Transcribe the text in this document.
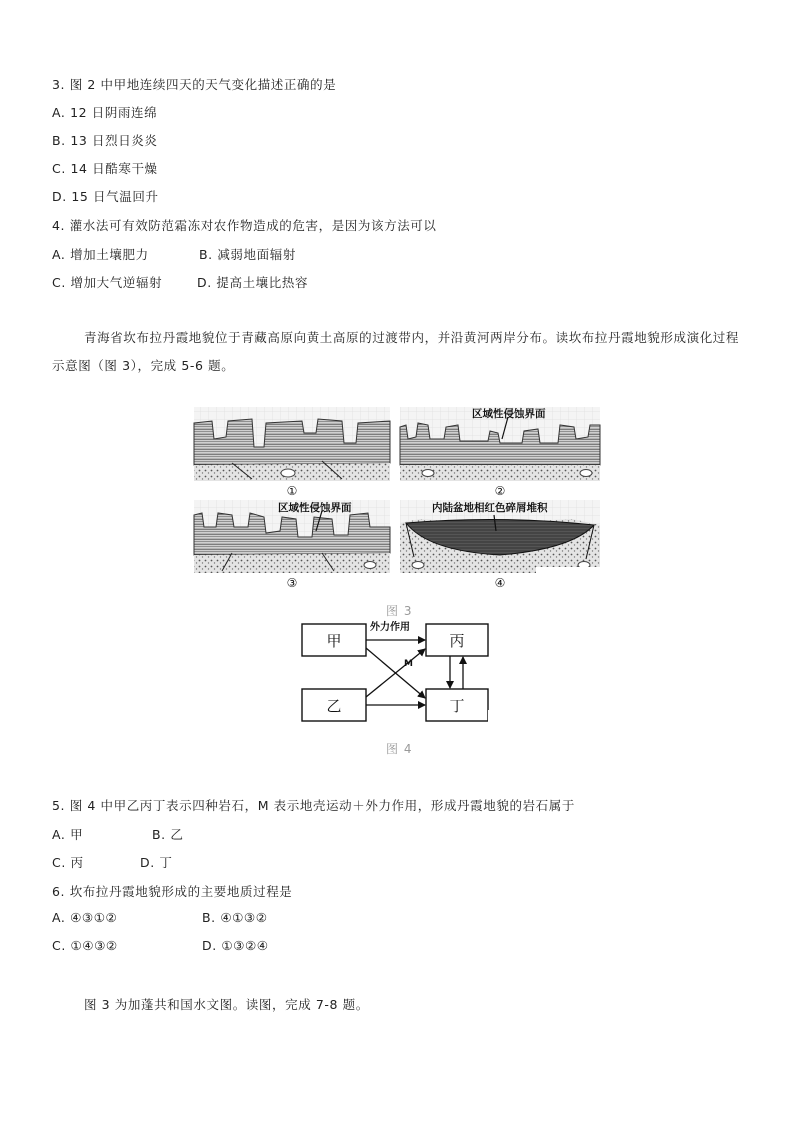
3. 图 2 中甲地连续四天的天气变化描述正确的是
A. 12 日阴雨连绵
B. 13 日烈日炎炎
C. 14 日酷寒干燥
D. 15 日气温回升
4. 灌水法可有效防范霜冻对农作物造成的危害，是因为该方法可以
A. 增加土壤肥力	B. 减弱地面辐射
C. 增加大气逆辐射	D. 提高土壤比热容
青海省坎布拉丹霞地貌位于青藏高原向黄土高原的过渡带内，并沿黄河两岸分布。读坎布拉丹霞地貌形成演化过程示意图（图 3），完成 5-6 题。
区域性侵蚀界面
区域性侵蚀界面	内陆盆地相红色碎屑堆积
①	②
③	④
图 3
甲
乙
丙
丁
外力作用
M
图 4
5. 图 4 中甲乙丙丁表示四种岩石，M 表示地壳运动＋外力作用，形成丹霞地貌的岩石属于
A. 甲	B. 乙
C. 丙	D. 丁
6. 坎布拉丹霞地貌形成的主要地质过程是
A. ④③①②	B. ④①③②
C. ①④③②	D. ①③②④
图 3 为加蓬共和国水文图。读图，完成 7-8 题。
